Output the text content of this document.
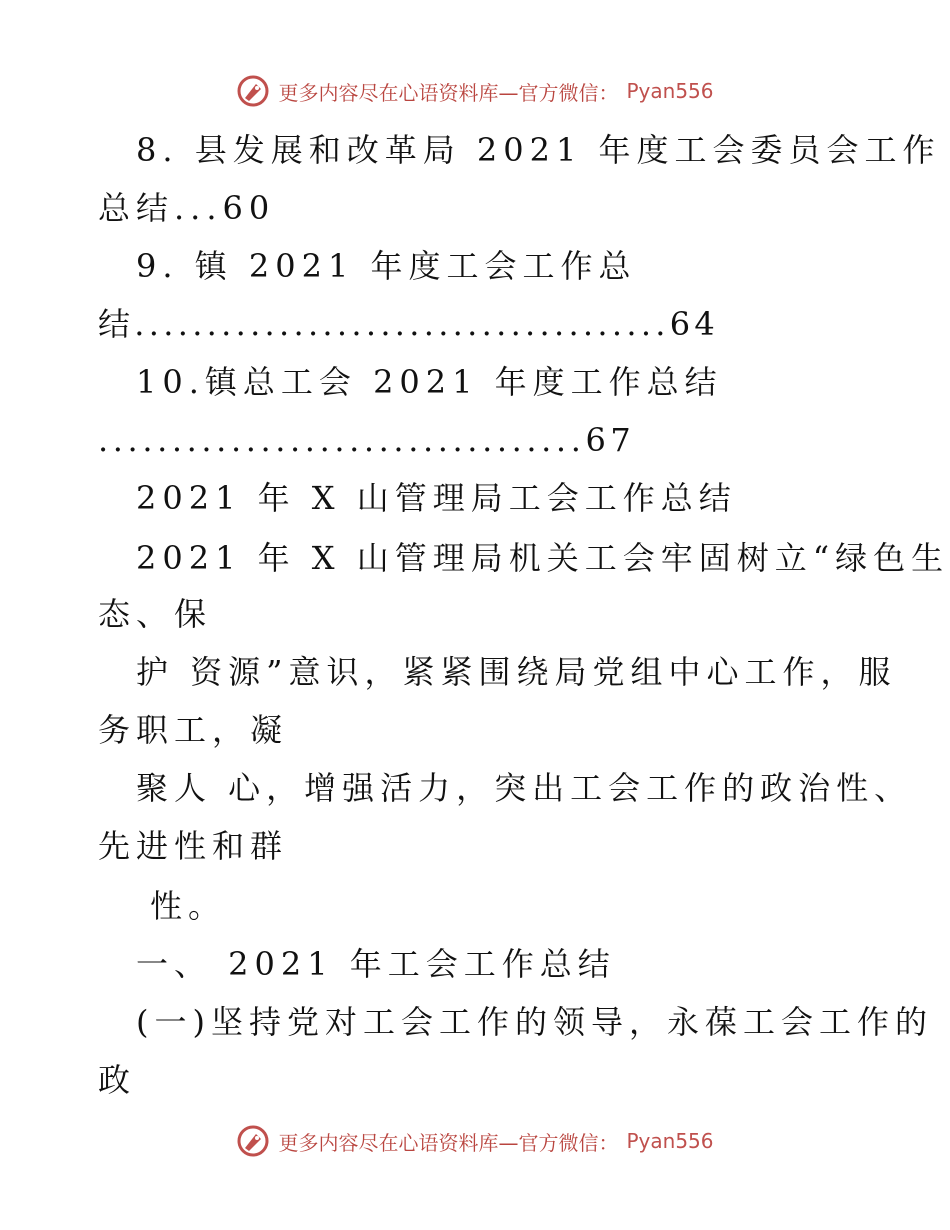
更多内容尽在心语资料库—官方微信： Pyan556
8. 县发展和改革局 2021 年度工会委员会工作
总结...60
9. 镇 2021 年度工会工作总
结.....................................64
10.镇总工会 2021 年度工作总结
.................................67
2021 年 X 山管理局工会工作总结
2021 年 X 山管理局机关工会牢固树立“绿色生
态、保
护 资源”意识，紧紧围绕局党组中心工作，服
务职工，凝
聚人 心，增强活力，突出工会工作的政治性、
先进性和群
性。
一、 2021 年工会工作总结
(一)坚持党对工会工作的领导，永葆工会工作的
政
更多内容尽在心语资料库—官方微信： Pyan556
